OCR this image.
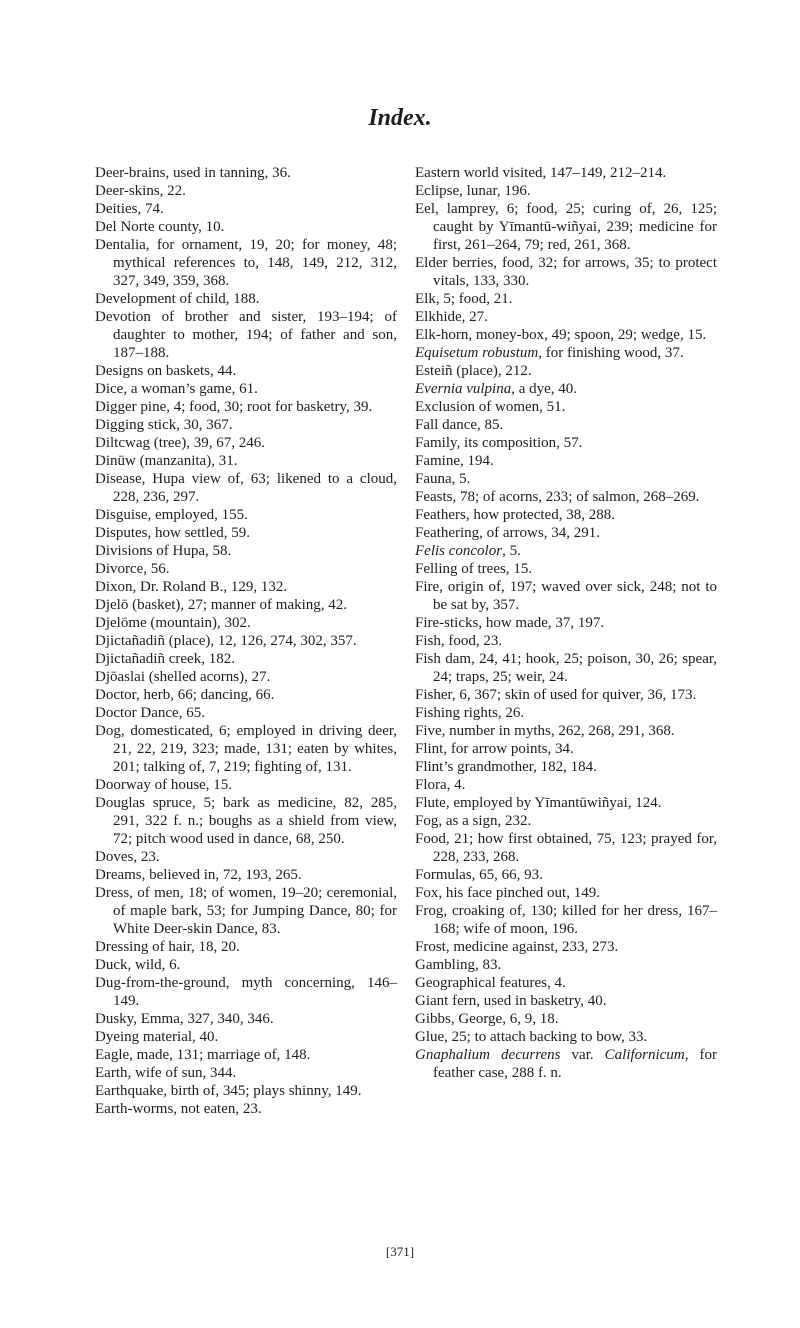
Index.

Deer-brains, used in tanning, 36.

Deer-skins, 22.

Deities, 74.

Del Norte county, 10.

Dentalia, for ornament, 19, 20; for money, 48; mythical references to, 148, 149, 212, 312, 327, 349, 359, 368.

Development of child, 188.

Devotion of brother and sister, 193–194; of daughter to mother, 194; of father and son, 187–188.

Designs on baskets, 44.

Dice, a woman’s game, 61.

Digger pine, 4; food, 30; root for basketry, 39.

Digging stick, 30, 367.

Diltcwag (tree), 39, 67, 246.

Dinūw (manzanita), 31.

Disease, Hupa view of, 63; likened to a cloud, 228, 236, 297.

Disguise, employed, 155.

Disputes, how settled, 59.

Divisions of Hupa, 58.

Divorce, 56.

Dixon, Dr. Roland B., 129, 132.

Djelō (basket), 27; manner of making, 42.

Djelōme (mountain), 302.

Djictañadiñ (place), 12, 126, 274, 302, 357.

Djictañadiñ creek, 182.

Djōaslai (shelled acorns), 27.

Doctor, herb, 66; dancing, 66.

Doctor Dance, 65.

Dog, domesticated, 6; employed in driving deer, 21, 22, 219, 323; made, 131; eaten by whites, 201; talking of, 7, 219; fighting of, 131.

Doorway of house, 15.

Douglas spruce, 5; bark as medicine, 82, 285, 291, 322 f. n.; boughs as a shield from view, 72; pitch wood used in dance, 68, 250.

Doves, 23.

Dreams, believed in, 72, 193, 265.

Dress, of men, 18; of women, 19–20; ceremonial, of maple bark, 53; for Jumping Dance, 80; for White Deer-skin Dance, 83.

Dressing of hair, 18, 20.

Duck, wild, 6.

Dug-from-the-ground, myth concerning, 146–149.

Dusky, Emma, 327, 340, 346.

Dyeing material, 40.

Eagle, made, 131; marriage of, 148.

Earth, wife of sun, 344.

Earthquake, birth of, 345; plays shinny, 149.

Earth-worms, not eaten, 23.

Eastern world visited, 147–149, 212–214.

Eclipse, lunar, 196.

Eel, lamprey, 6; food, 25; curing of, 26, 125; caught by Yīmantū-wiñyai, 239; medicine for first, 261–264, 79; red, 261, 368.

Elder berries, food, 32; for arrows, 35; to protect vitals, 133, 330.

Elk, 5; food, 21.

Elkhide, 27.

Elk-horn, money-box, 49; spoon, 29; wedge, 15.

Equisetum robustum, for finishing wood, 37.

Esteiñ (place), 212.

Evernia vulpina, a dye, 40.

Exclusion of women, 51.

Fall dance, 85.

Family, its composition, 57.

Famine, 194.

Fauna, 5.

Feasts, 78; of acorns, 233; of salmon, 268–269.

Feathers, how protected, 38, 288.

Feathering, of arrows, 34, 291.

Felis concolor, 5.

Felling of trees, 15.

Fire, origin of, 197; waved over sick, 248; not to be sat by, 357.

Fire-sticks, how made, 37, 197.

Fish, food, 23.

Fish dam, 24, 41; hook, 25; poison, 30, 26; spear, 24; traps, 25; weir, 24.

Fisher, 6, 367; skin of used for quiver, 36, 173.

Fishing rights, 26.

Five, number in myths, 262, 268, 291, 368.

Flint, for arrow points, 34.

Flint’s grandmother, 182, 184.

Flora, 4.

Flute, employed by Yīmantūwiñyai, 124.

Fog, as a sign, 232.

Food, 21; how first obtained, 75, 123; prayed for, 228, 233, 268.

Formulas, 65, 66, 93.

Fox, his face pinched out, 149.

Frog, croaking of, 130; killed for her dress, 167–168; wife of moon, 196.

Frost, medicine against, 233, 273.

Gambling, 83.

Geographical features, 4.

Giant fern, used in basketry, 40.

Gibbs, George, 6, 9, 18.

Glue, 25; to attach backing to bow, 33.

Gnaphalium decurrens var. Californicum, for feather case, 288 f. n.

[371]
